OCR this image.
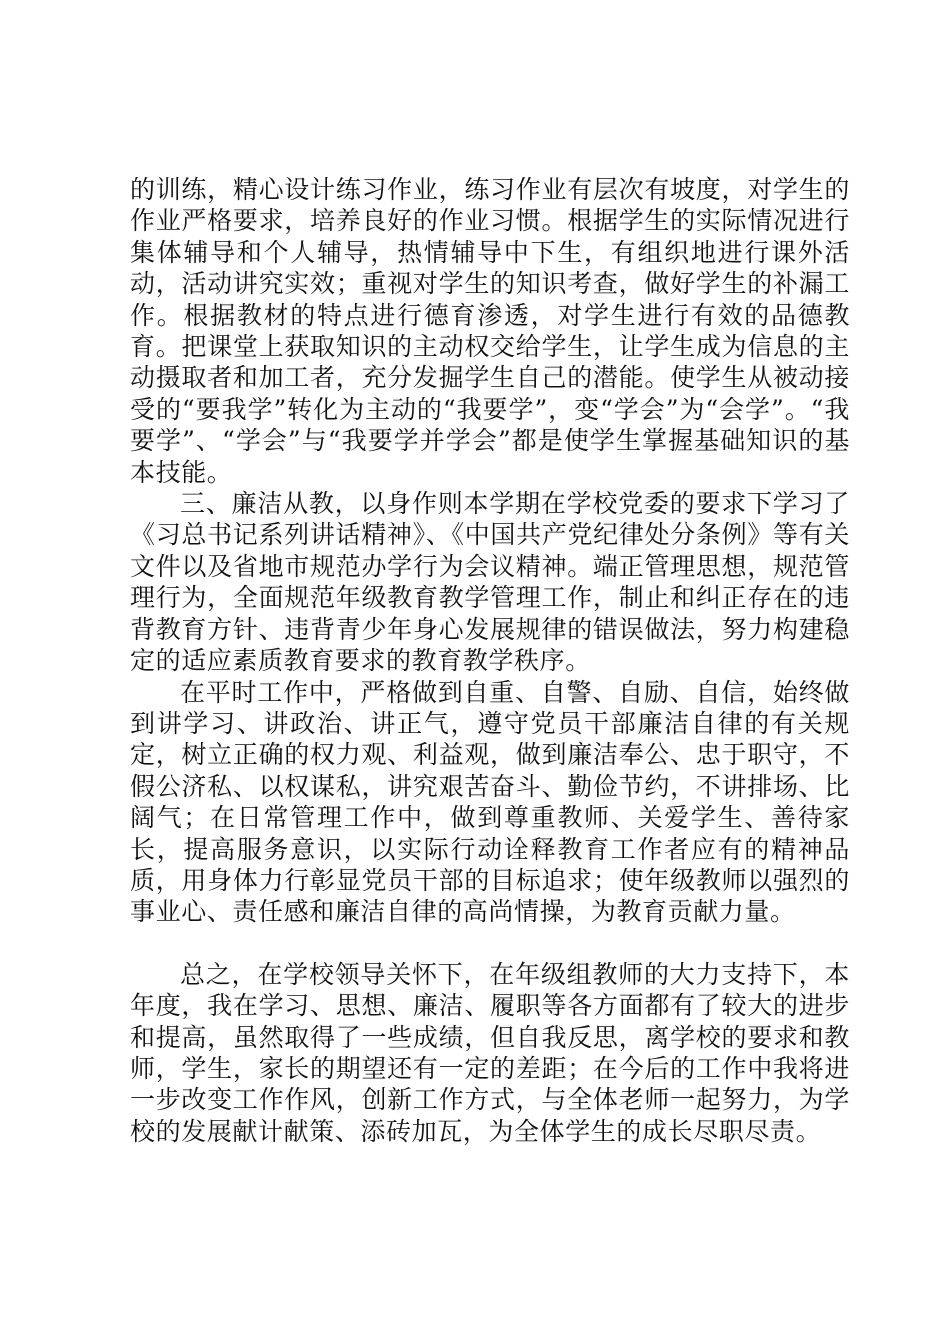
的训练，精心设计练习作业，练习作业有层次有坡度，对学生的作业严格要求，培养良好的作业习惯。根据学生的实际情况进行集体辅导和个人辅导，热情辅导中下生，有组织地进行课外活动，活动讲究实效；重视对学生的知识考查，做好学生的补漏工作。根据教材的特点进行德育渗透，对学生进行有效的品德教育。把课堂上获取知识的主动权交给学生，让学生成为信息的主动摄取者和加工者，充分发掘学生自己的潜能。使学生从被动接受的“要我学”转化为主动的“我要学”，变“学会”为“会学”。“我要学”、“学会”与“我要学并学会”都是使学生掌握基础知识的基本技能。

三、廉洁从教，以身作则本学期在学校党委的要求下学习了《习总书记系列讲话精神》、《中国共产党纪律处分条例》等有关文件以及省地市规范办学行为会议精神。端正管理思想，规范管理行为，全面规范年级教育教学管理工作，制止和纠正存在的违背教育方针、违背青少年身心发展规律的错误做法，努力构建稳定的适应素质教育要求的教育教学秩序。

在平时工作中，严格做到自重、自警、自励、自信，始终做到讲学习、讲政治、讲正气，遵守党员干部廉洁自律的有关规定，树立正确的权力观、利益观，做到廉洁奉公、忠于职守，不假公济私、以权谋私，讲究艰苦奋斗、勤俭节约，不讲排场、比阔气；在日常管理工作中，做到尊重教师、关爱学生、善待家长，提高服务意识，以实际行动诠释教育工作者应有的精神品质，用身体力行彰显党员干部的目标追求；使年级教师以强烈的事业心、责任感和廉洁自律的高尚情操，为教育贡献力量。

总之，在学校领导关怀下，在年级组教师的大力支持下，本年度，我在学习、思想、廉洁、履职等各方面都有了较大的进步和提高，虽然取得了一些成绩，但自我反思，离学校的要求和教师，学生，家长的期望还有一定的差距；在今后的工作中我将进一步改变工作作风，创新工作方式，与全体老师一起努力，为学校的发展献计献策、添砖加瓦，为全体学生的成长尽职尽责。
